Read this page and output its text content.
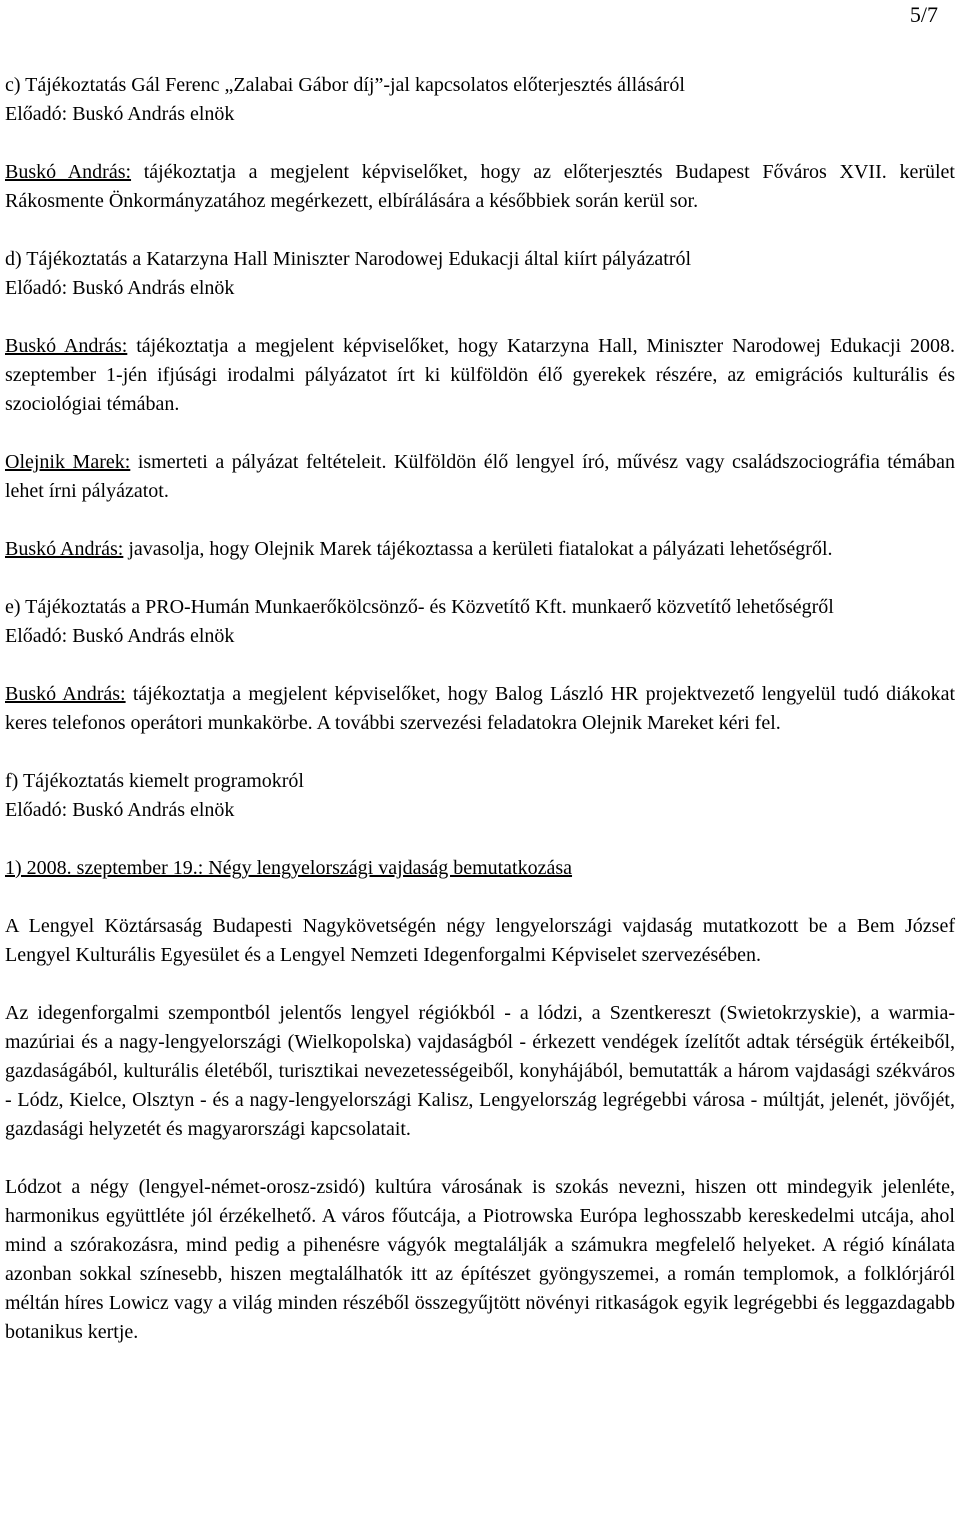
5/7

c) Tájékoztatás Gál Ferenc „Zalabai Gábor díj”-jal kapcsolatos előterjesztés állásáról

Előadó: Buskó András elnök

Buskó András: tájékoztatja a megjelent képviselőket, hogy az előterjesztés Budapest Főváros XVII. kerület Rákosmente Önkormányzatához megérkezett, elbírálására a későbbiek során kerül sor.

d) Tájékoztatás a Katarzyna Hall Miniszter Narodowej Edukacji által kiírt pályázatról

Előadó: Buskó András elnök

Buskó András: tájékoztatja a megjelent képviselőket, hogy Katarzyna Hall, Miniszter Narodowej Edukacji 2008. szeptember 1-jén ifjúsági irodalmi pályázatot írt ki külföldön élő gyerekek részére, az emigrációs kulturális és szociológiai témában.

Olejnik Marek: ismerteti a pályázat feltételeit. Külföldön élő lengyel író, művész vagy családszociográfia témában lehet írni pályázatot.

Buskó András: javasolja, hogy Olejnik Marek tájékoztassa a kerületi fiatalokat a pályázati lehetőségről.

e) Tájékoztatás a PRO-Humán Munkaerőkölcsönző- és Közvetítő Kft. munkaerő közvetítő lehetőségről

Előadó: Buskó András elnök

Buskó András: tájékoztatja a megjelent képviselőket, hogy Balog László HR projektvezető lengyelül tudó diákokat keres telefonos operátori munkakörbe. A további szervezési feladatokra Olejnik Mareket kéri fel.

f) Tájékoztatás kiemelt programokról

Előadó: Buskó András elnök

1) 2008. szeptember 19.: Négy lengyelországi vajdaság bemutatkozása

A Lengyel Köztársaság Budapesti Nagykövetségén négy lengyelországi vajdaság mutatkozott be a Bem József Lengyel Kulturális Egyesület és a Lengyel Nemzeti Idegenforgalmi Képviselet szervezésében.

Az idegenforgalmi szempontból jelentős lengyel régiókból - a lódzi, a Szentkereszt (Swietokrzyskie), a warmia-mazúriai és a nagy-lengyelországi (Wielkopolska) vajdaságból - érkezett vendégek ízelítőt adtak térségük értékeiből, gazdaságából, kulturális életéből, turisztikai nevezetességeiből, konyhájából, bemutatták a három vajdasági székváros - Lódz, Kielce, Olsztyn - és a nagy-lengyelországi Kalisz, Lengyelország legrégebbi városa - múltját, jelenét, jövőjét, gazdasági helyzetét és magyarországi kapcsolatait.

Lódzot a négy (lengyel-német-orosz-zsidó) kultúra városának is szokás nevezni, hiszen ott mindegyik jelenléte, harmonikus együttléte jól érzékelhető. A város főutcája, a Piotrowska Európa leghosszabb kereskedelmi utcája, ahol mind a szórakozásra, mind pedig a pihenésre vágyók megtalálják a számukra megfelelő helyeket. A régió kínálata azonban sokkal színesebb, hiszen megtalálhatók itt az építészet gyöngyszemei, a román templomok, a folklórjáról méltán híres Lowicz vagy a világ minden részéből összegyűjtött növényi ritkaságok egyik legrégebbi és leggazdagabb botanikus kertje.
